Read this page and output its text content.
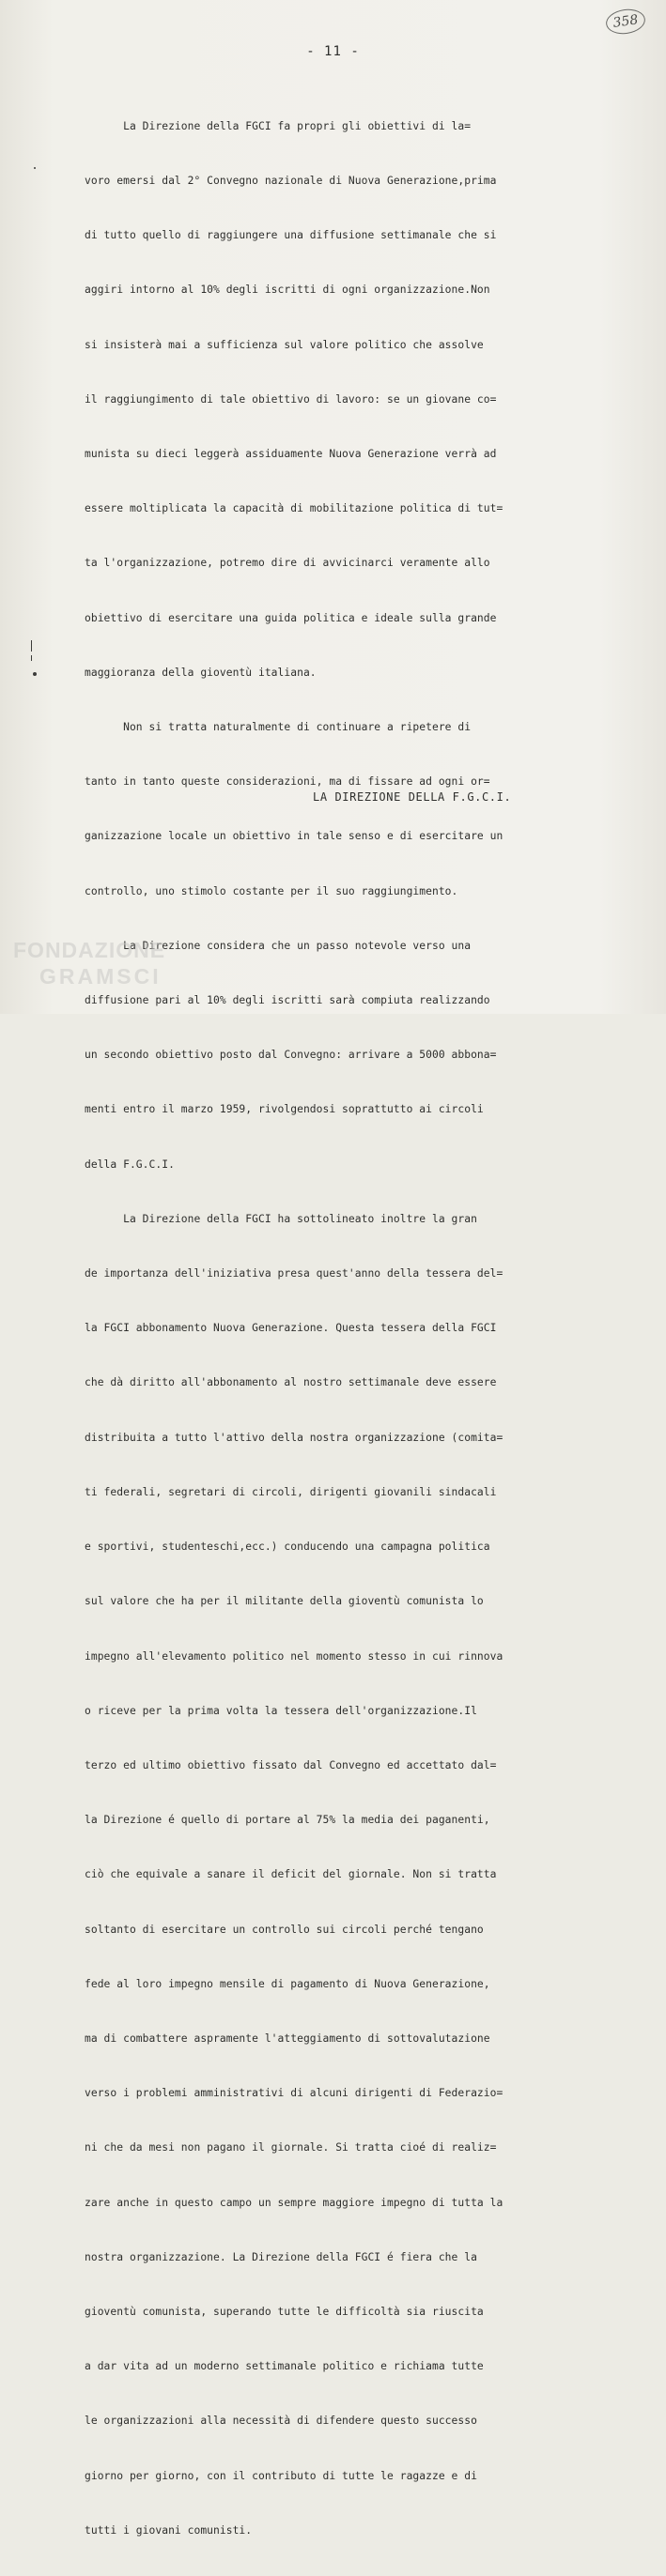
358
- 11 -

La Direzione della FGCI fa propri gli obiettivi di la=

voro emersi dal 2° Convegno nazionale di Nuova Generazione,prima

di tutto quello di raggiungere una diffusione settimanale che si

aggiri intorno al 10% degli iscritti di ogni organizzazione.Non

si insisterà mai a sufficienza sul valore politico che assolve

il raggiungimento di tale obiettivo di lavoro: se un giovane co=

munista su dieci leggerà assiduamente Nuova Generazione verrà ad

essere moltiplicata la capacità di mobilitazione politica di tut=

ta l'organizzazione, potremo dire di avvicinarci veramente allo

obiettivo di esercitare una guida politica e ideale sulla grande

maggioranza della gioventù italiana.

Non si tratta naturalmente di continuare a ripetere di

tanto in tanto queste considerazioni, ma di fissare ad ogni or=

ganizzazione locale un obiettivo in tale senso e di esercitare un

controllo, uno stimolo costante per il suo raggiungimento.

La Direzione considera che un passo notevole verso una

diffusione pari al 10% degli iscritti sarà compiuta realizzando

un secondo obiettivo posto dal Convegno: arrivare a 5000 abbona=

menti entro il marzo 1959, rivolgendosi soprattutto ai circoli

della F.G.C.I.

La Direzione della FGCI ha sottolineato inoltre la gran

de importanza dell'iniziativa presa quest'anno della tessera del=

la FGCI abbonamento Nuova Generazione. Questa tessera della FGCI

che dà diritto all'abbonamento al nostro settimanale deve essere

distribuita a tutto l'attivo della nostra organizzazione (comita=

ti federali, segretari di circoli, dirigenti giovanili sindacali

e sportivi, studenteschi,ecc.) conducendo una campagna politica

sul valore che ha per il militante della gioventù comunista lo

impegno all'elevamento politico nel momento stesso in cui rinnova

o riceve per la prima volta la tessera dell'organizzazione.Il

terzo ed ultimo obiettivo fissato dal Convegno ed accettato dal=

la Direzione é quello di portare al 75% la media dei paganenti,

ciò che equivale a sanare il deficit del giornale. Non si tratta

soltanto di esercitare un controllo sui circoli perché tengano

fede al loro impegno mensile di pagamento di Nuova Generazione,

ma di combattere aspramente l'atteggiamento di sottovalutazione

verso i problemi amministrativi di alcuni dirigenti di Federazio=

ni che da mesi non pagano il giornale. Si tratta cioé di realiz=

zare anche in questo campo un sempre maggiore impegno di tutta la

nostra organizzazione. La Direzione della FGCI é fiera che la

gioventù comunista, superando tutte le difficoltà sia riuscita

a dar vita ad un moderno settimanale politico e richiama tutte

le organizzazioni alla necessità di difendere questo successo

giorno per giorno, con il contributo di tutte le ragazze e di

tutti i giovani comunisti.

LA DIREZIONE DELLA F.G.C.I.
FONDAZIONE
GRAMSCI
